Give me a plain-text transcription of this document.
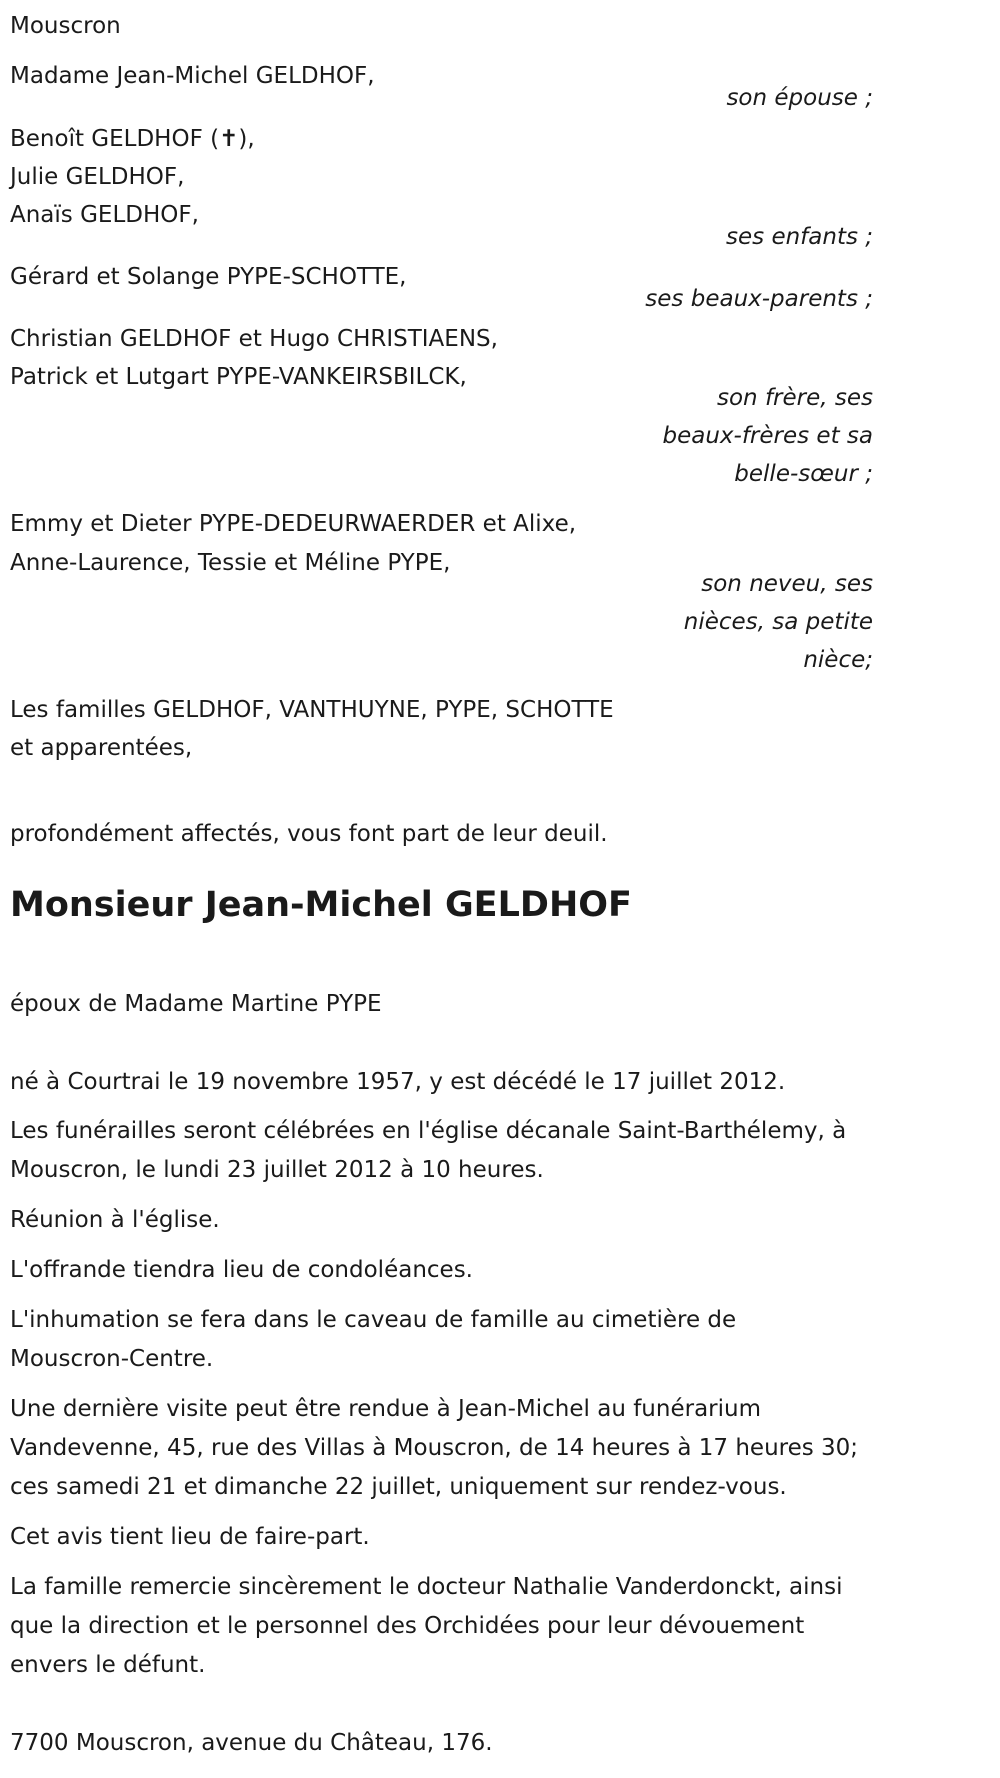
Mouscron
Madame Jean-Michel GELDHOF,
son épouse ;
Benoît GELDHOF (✝),
Julie GELDHOF,
Anaïs GELDHOF,
ses enfants ;
Gérard et Solange PYPE-SCHOTTE,
ses beaux-parents ;
Christian GELDHOF et Hugo CHRISTIAENS,
Patrick et Lutgart PYPE-VANKEIRSBILCK,
son frère, ses
beaux-frères et sa
belle-sœur ;
Emmy et Dieter PYPE-DEDEURWAERDER et Alixe,
Anne-Laurence, Tessie et Méline PYPE,
son neveu, ses
nièces, sa petite
nièce;
Les familles GELDHOF, VANTHUYNE, PYPE, SCHOTTE
et apparentées,
profondément affectés, vous font part de leur deuil.
Monsieur Jean-Michel GELDHOF
époux de Madame Martine PYPE
né à Courtrai le 19 novembre 1957, y est décédé le 17 juillet 2012.
Les funérailles seront célébrées en l'église décanale Saint-Barthélemy, à
Mouscron, le lundi 23 juillet 2012 à 10 heures.
Réunion à l'église.
L'offrande tiendra lieu de condoléances.
L'inhumation se fera dans le caveau de famille au cimetière de
Mouscron-Centre.
Une dernière visite peut être rendue à Jean-Michel au funérarium
Vandevenne, 45, rue des Villas à Mouscron, de 14 heures à 17 heures 30;
ces samedi 21 et dimanche 22 juillet, uniquement sur rendez-vous.
Cet avis tient lieu de faire-part.
La famille remercie sincèrement le docteur Nathalie Vanderdonckt, ainsi
que la direction et le personnel des Orchidées pour leur dévouement
envers le défunt.
7700 Mouscron, avenue du Château, 176.
